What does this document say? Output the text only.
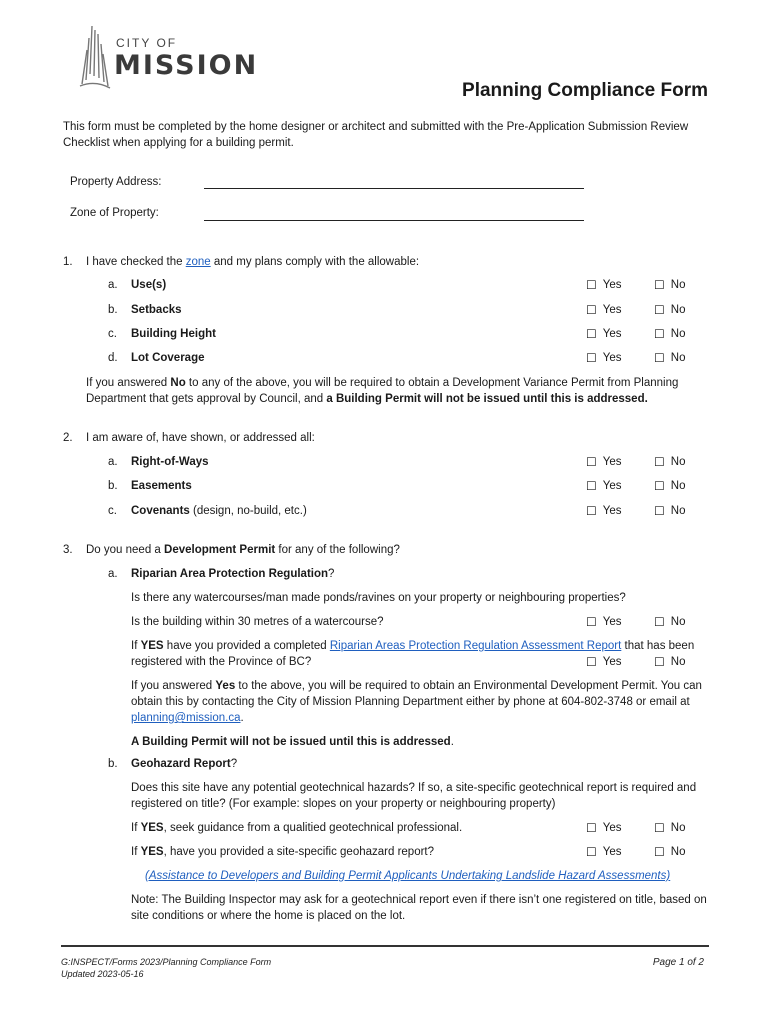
CITY OF
MISSION
Planning Compliance Form
This form must be completed by the home designer or architect and submitted with the Pre-Application Submission Review Checklist when applying for a building permit.
Property Address:
Zone of Property:
1. I have checked the zone and my plans comply with the allowable:
a. Use(s)	☐ Yes	☐ No
b. Setbacks	☐ Yes	☐ No
c. Building Height	☐ Yes	☐ No
d. Lot Coverage	☐ Yes	☐ No
If you answered No to any of the above, you will be required to obtain a Development Variance Permit from Planning Department that gets approval by Council, and a Building Permit will not be issued until this is addressed.
2. I am aware of, have shown, or addressed all:
a. Right-of-Ways	☐ Yes	☐ No
b. Easements	☐ Yes	☐ No
c. Covenants (design, no-build, etc.)	☐ Yes	☐ No
3. Do you need a Development Permit for any of the following?
a. Riparian Area Protection Regulation?
Is there any watercourses/man made ponds/ravines on your property or neighbouring properties?
Is the building within 30 metres of a watercourse?	☐ Yes	☐ No
If YES have you provided a completed Riparian Areas Protection Regulation Assessment Report that has been
registered with the Province of BC?	☐ Yes	☐ No
If you answered Yes to the above, you will be required to obtain an Environmental Development Permit. You can obtain this by contacting the City of Mission Planning Department either by phone at 604-802-3748 or email at planning@mission.ca.
A Building Permit will not be issued until this is addressed.
b. Geohazard Report?
Does this site have any potential geotechnical hazards? If so, a site-specific geotechnical report is required and registered on title? (For example: slopes on your property or neighbouring property)
If YES, seek guidance from a qualitied geotechnical professional.	☐ Yes	☐ No
If YES, have you provided a site-specific geohazard report?	☐ Yes	☐ No
(Assistance to Developers and Building Permit Applicants Undertaking Landslide Hazard Assessments)
Note: The Building Inspector may ask for a geotechnical report even if there isn’t one registered on title, based on site conditions or where the home is placed on the lot.
G:INSPECT/Forms 2023/Planning Compliance Form
Updated 2023-05-16
Page 1 of 2
